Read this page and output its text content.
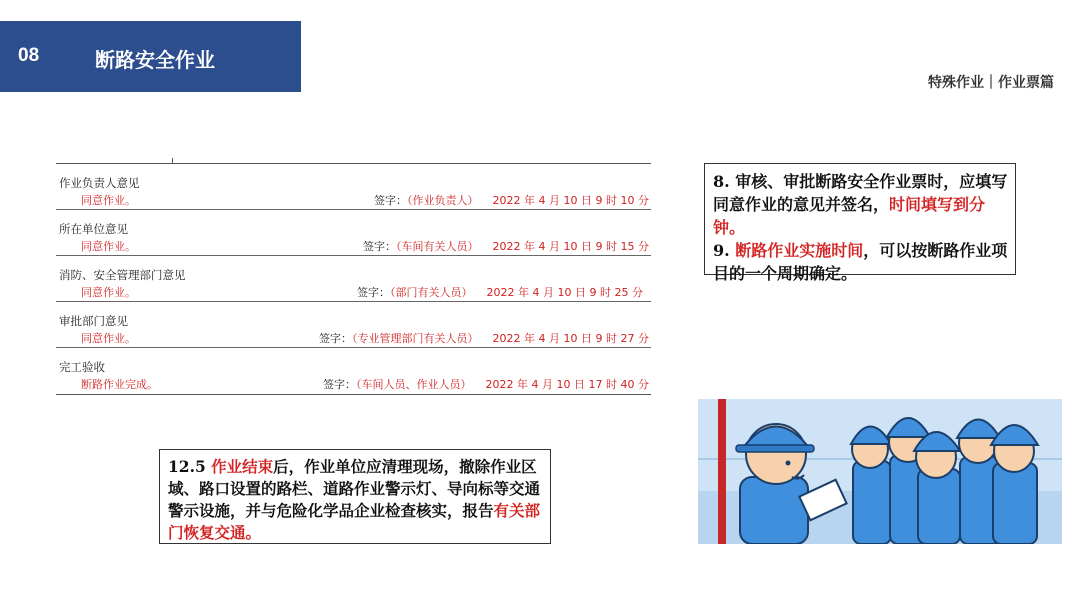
08	断路安全作业
特殊作业｜作业票篇
作业负责人意见
同意作业。	签字：（作业负责人） 2022 年 4 月 10 日 9 时 10 分
所在单位意见
同意作业。	签字：（车间有关人员） 2022 年 4 月 10 日 9 时 15 分
消防、安全管理部门意见
同意作业。	签字：（部门有关人员） 2022 年 4 月 10 日 9 时 25 分
审批部门意见
同意作业。	签字：（专业管理部门有关人员） 2022 年 4 月 10 日 9 时 27 分
完工验收
断路作业完成。	签字：（车间人员、作业人员） 2022 年 4 月 10 日 17 时 40 分
8. 审核、审批断路安全作业票时，应填写同意作业的意见并签名，时间填写到分钟。
9. 断路作业实施时间，可以按断路作业项目的一个周期确定。
12.5 作业结束后，作业单位应清理现场，撤除作业区域、路口设置的路栏、道路作业警示灯、导向标等交通警示设施，并与危险化学品企业检查核实，报告有关部门恢复交通。
